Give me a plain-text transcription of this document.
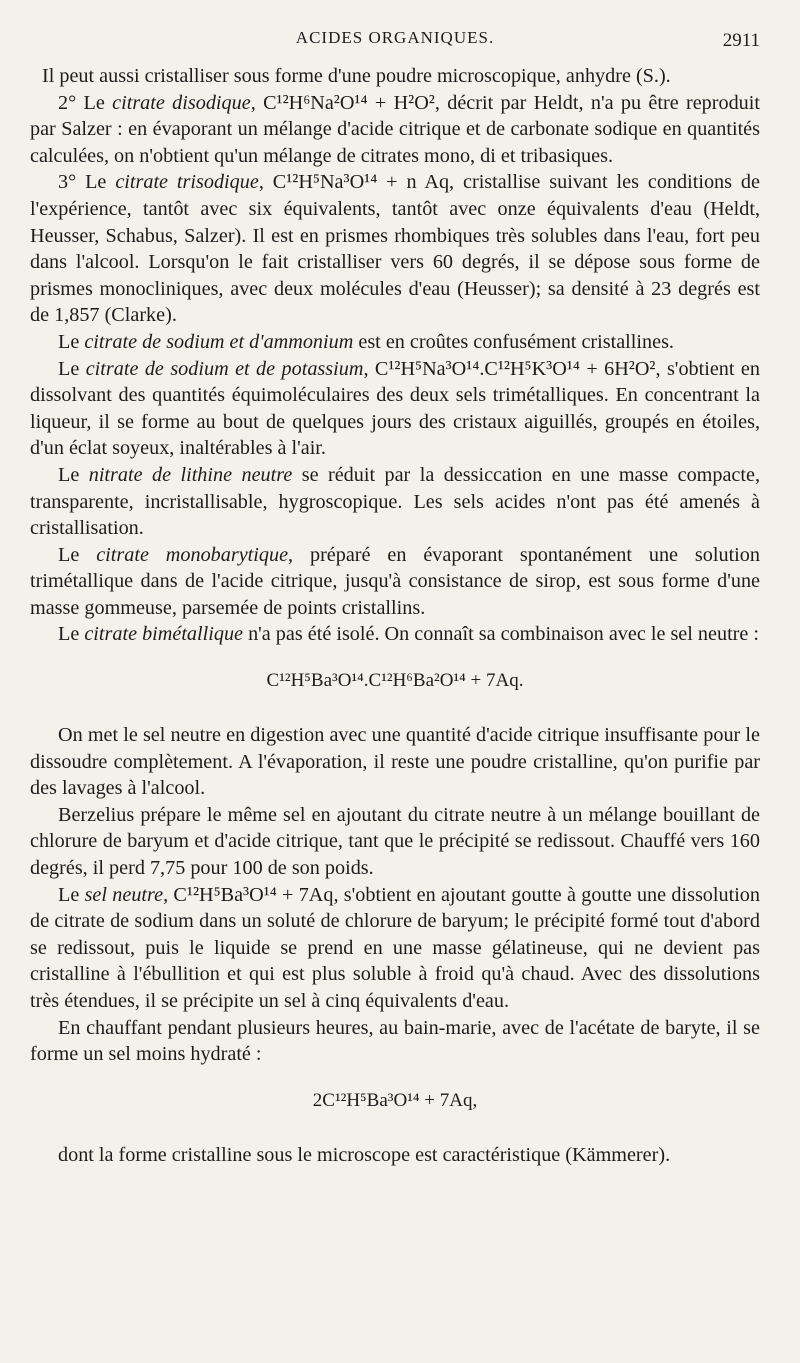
ACIDES ORGANIQUES.	2911

Il peut aussi cristalliser sous forme d'une poudre microscopique, anhydre (S.).

2° Le citrate disodique, C¹²H⁶Na²O¹⁴ + H²O², décrit par Heldt, n'a pu être reproduit par Salzer : en évaporant un mélange d'acide citrique et de carbonate sodique en quantités calculées, on n'obtient qu'un mélange de citrates mono, di et tribasiques.

3° Le citrate trisodique, C¹²H⁵Na³O¹⁴ + n Aq, cristallise suivant les conditions de l'expérience, tantôt avec six équivalents, tantôt avec onze équivalents d'eau (Heldt, Heusser, Schabus, Salzer). Il est en prismes rhombiques très solubles dans l'eau, fort peu dans l'alcool. Lorsqu'on le fait cristalliser vers 60 degrés, il se dépose sous forme de prismes monocliniques, avec deux molécules d'eau (Heusser); sa densité à 23 degrés est de 1,857 (Clarke).

Le citrate de sodium et d'ammonium est en croûtes confusément cristallines.

Le citrate de sodium et de potassium, C¹²H⁵Na³O¹⁴.C¹²H⁵K³O¹⁴ + 6H²O², s'obtient en dissolvant des quantités équimoléculaires des deux sels trimétalliques. En concentrant la liqueur, il se forme au bout de quelques jours des cristaux aiguillés, groupés en étoiles, d'un éclat soyeux, inaltérables à l'air.

Le nitrate de lithine neutre se réduit par la dessiccation en une masse compacte, transparente, incristallisable, hygroscopique. Les sels acides n'ont pas été amenés à cristallisation.

Le citrate monobarytique, préparé en évaporant spontanément une solution trimétallique dans de l'acide citrique, jusqu'à consistance de sirop, est sous forme d'une masse gommeuse, parsemée de points cristallins.

Le citrate bimétallique n'a pas été isolé. On connaît sa combinaison avec le sel neutre :

C¹²H⁵Ba³O¹⁴.C¹²H⁶Ba²O¹⁴ + 7Aq.

On met le sel neutre en digestion avec une quantité d'acide citrique insuffisante pour le dissoudre complètement. A l'évaporation, il reste une poudre cristalline, qu'on purifie par des lavages à l'alcool.

Berzelius prépare le même sel en ajoutant du citrate neutre à un mélange bouillant de chlorure de baryum et d'acide citrique, tant que le précipité se redissout. Chauffé vers 160 degrés, il perd 7,75 pour 100 de son poids.

Le sel neutre, C¹²H⁵Ba³O¹⁴ + 7Aq, s'obtient en ajoutant goutte à goutte une dissolution de citrate de sodium dans un soluté de chlorure de baryum; le précipité formé tout d'abord se redissout, puis le liquide se prend en une masse gélatineuse, qui ne devient pas cristalline à l'ébullition et qui est plus soluble à froid qu'à chaud. Avec des dissolutions très étendues, il se précipite un sel à cinq équivalents d'eau.

En chauffant pendant plusieurs heures, au bain-marie, avec de l'acétate de baryte, il se forme un sel moins hydraté :

2C¹²H⁵Ba³O¹⁴ + 7Aq,

dont la forme cristalline sous le microscope est caractéristique (Kämmerer).
